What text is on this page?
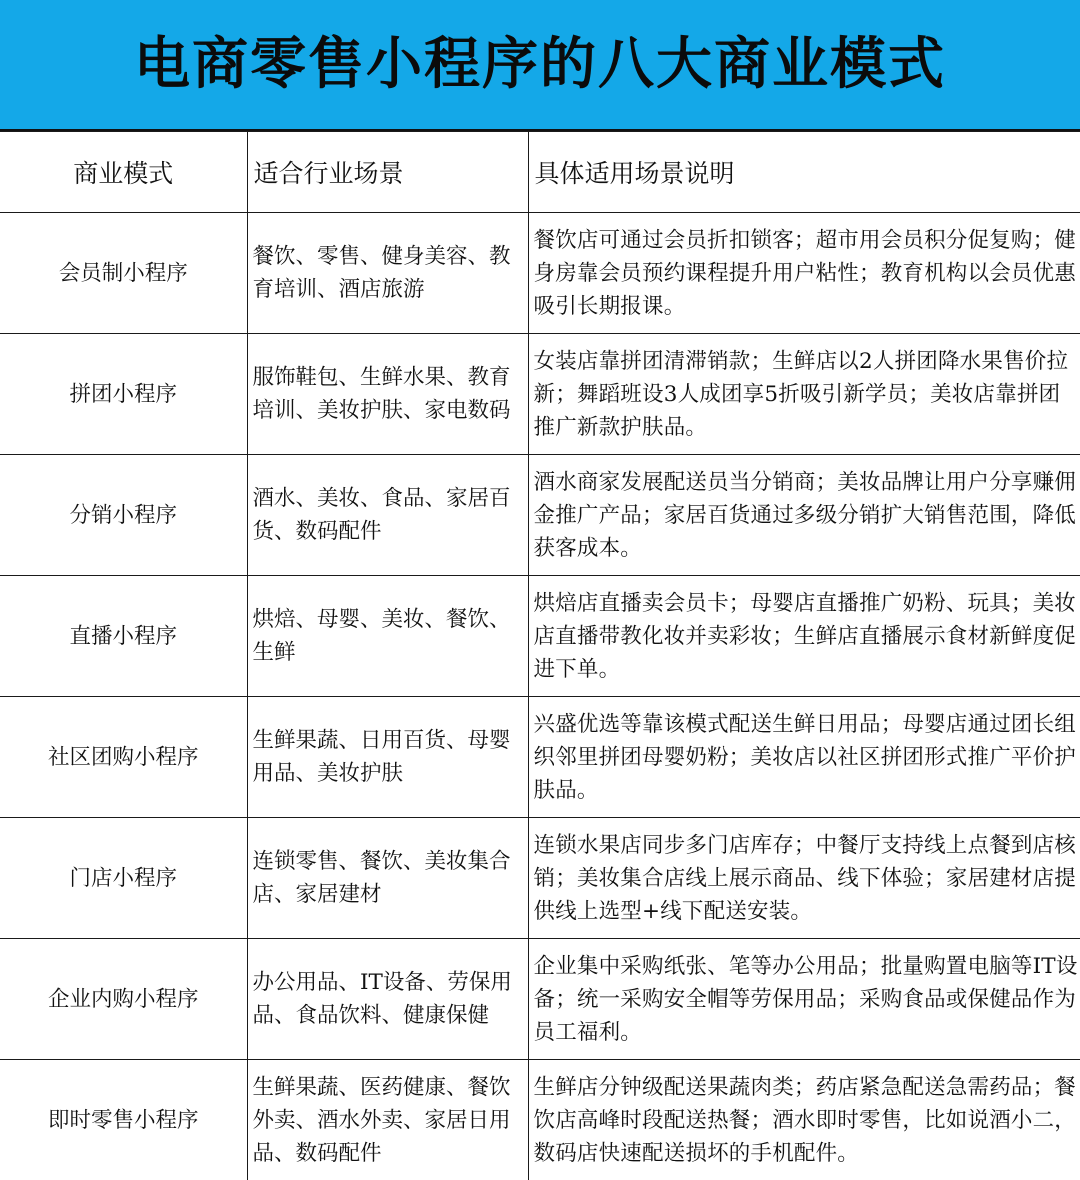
电商零售小程序的八大商业模式
商业模式	适合行业场景	具体适用场景说明
会员制小程序	餐饮、零售、健身美容、教育培训、酒店旅游	餐饮店可通过会员折扣锁客；超市用会员积分促复购；健身房靠会员预约课程提升用户粘性；教育机构以会员优惠吸引长期报课。
拼团小程序	服饰鞋包、生鲜水果、教育培训、美妆护肤、家电数码	女装店靠拼团清滞销款；生鲜店以2人拼团降水果售价拉新；舞蹈班设3人成团享5折吸引新学员；美妆店靠拼团推广新款护肤品。
分销小程序	酒水、美妆、食品、家居百货、数码配件	酒水商家发展配送员当分销商；美妆品牌让用户分享赚佣金推广产品；家居百货通过多级分销扩大销售范围，降低获客成本。
直播小程序	烘焙、母婴、美妆、餐饮、生鲜	烘焙店直播卖会员卡；母婴店直播推广奶粉、玩具；美妆店直播带教化妆并卖彩妆；生鲜店直播展示食材新鲜度促进下单。
社区团购小程序	生鲜果蔬、日用百货、母婴用品、美妆护肤	兴盛优选等靠该模式配送生鲜日用品；母婴店通过团长组织邻里拼团母婴奶粉；美妆店以社区拼团形式推广平价护肤品。
门店小程序	连锁零售、餐饮、美妆集合店、家居建材	连锁水果店同步多门店库存；中餐厅支持线上点餐到店核销；美妆集合店线上展示商品、线下体验；家居建材店提供线上选型+线下配送安装。
企业内购小程序	办公用品、IT设备、劳保用品、食品饮料、健康保健	企业集中采购纸张、笔等办公用品；批量购置电脑等IT设备；统一采购安全帽等劳保用品；采购食品或保健品作为员工福利。
即时零售小程序	生鲜果蔬、医药健康、餐饮外卖、酒水外卖、家居日用品、数码配件	生鲜店分钟级配送果蔬肉类；药店紧急配送急需药品；餐饮店高峰时段配送热餐；酒水即时零售，比如说酒小二，数码店快速配送损坏的手机配件。
